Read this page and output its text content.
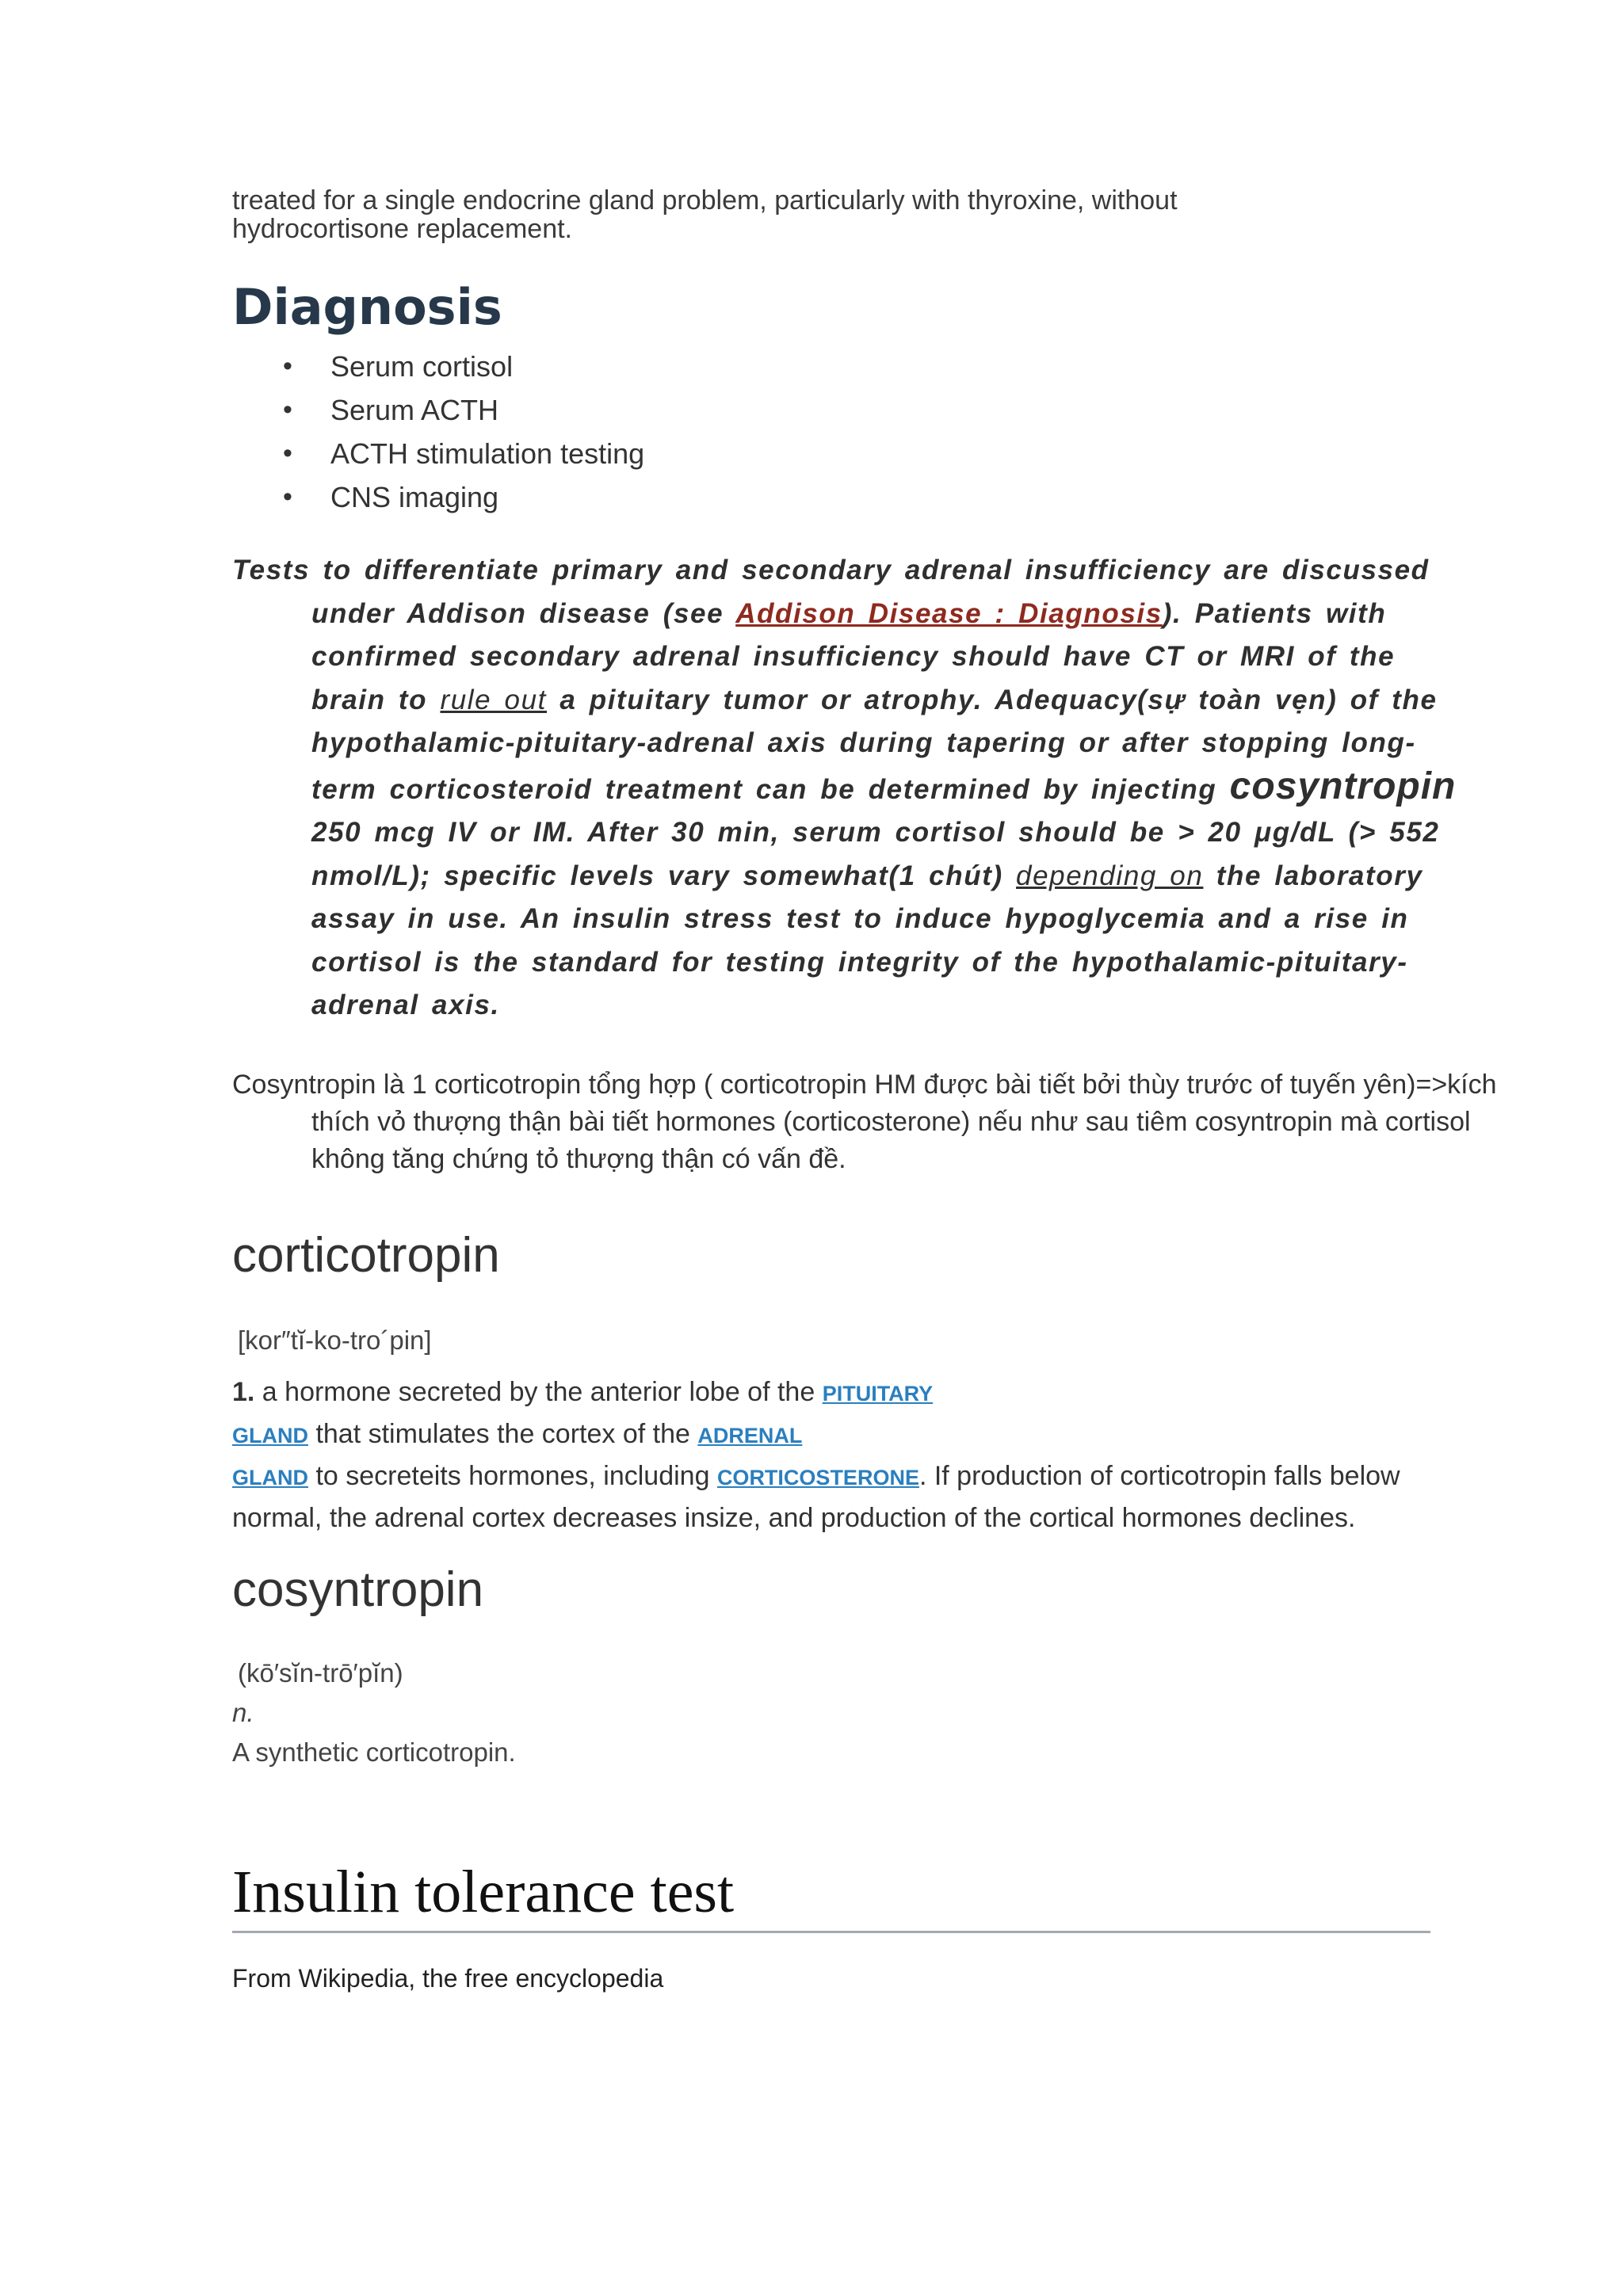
treated for a single endocrine gland problem, particularly with thyroxine, without
hydrocortisone replacement.

Diagnosis
• Serum cortisol
• Serum ACTH
• ACTH stimulation testing
• CNS imaging

Tests to differentiate primary and secondary adrenal insufficiency are discussed under Addison disease (see Addison Disease : Diagnosis). Patients with confirmed secondary adrenal insufficiency should have CT or MRI of the brain to rule out a pituitary tumor or atrophy. Adequacy(sự toàn vẹn) of the hypothalamic-pituitary-adrenal axis during tapering or after stopping long-term corticosteroid treatment can be determined by injecting cosyntropin 250 mcg IV or IM. After 30 min, serum cortisol should be > 20 μg/dL (> 552 nmol/L); specific levels vary somewhat(1 chút) depending on the laboratory assay in use. An insulin stress test to induce hypoglycemia and a rise in cortisol is the standard for testing integrity of the hypothalamic-pituitary-adrenal axis.

Cosyntropin là 1 corticotropin tổng hợp ( corticotropin HM được bài tiết bởi thùy trước of tuyến yên)=>kích thích vỏ thượng thận bài tiết hormones (corticosterone) nếu như sau tiêm cosyntropin mà cortisol không tăng chứng tỏ thượng thận có vấn đề.

corticotropin

[kor″tĭ-ko-tro´pin]

1. a hormone secreted by the anterior lobe of the PITUITARY
GLAND that stimulates the cortex of the ADRENAL
GLAND to secreteits hormones, including CORTICOSTERONE. If production of corticotropin falls below normal, the adrenal cortex decreases insize, and production of the cortical hormones declines.

cosyntropin

(kō′sĭn-trō′pĭn)

n.

A synthetic corticotropin.

Insulin tolerance test

From Wikipedia, the free encyclopedia
